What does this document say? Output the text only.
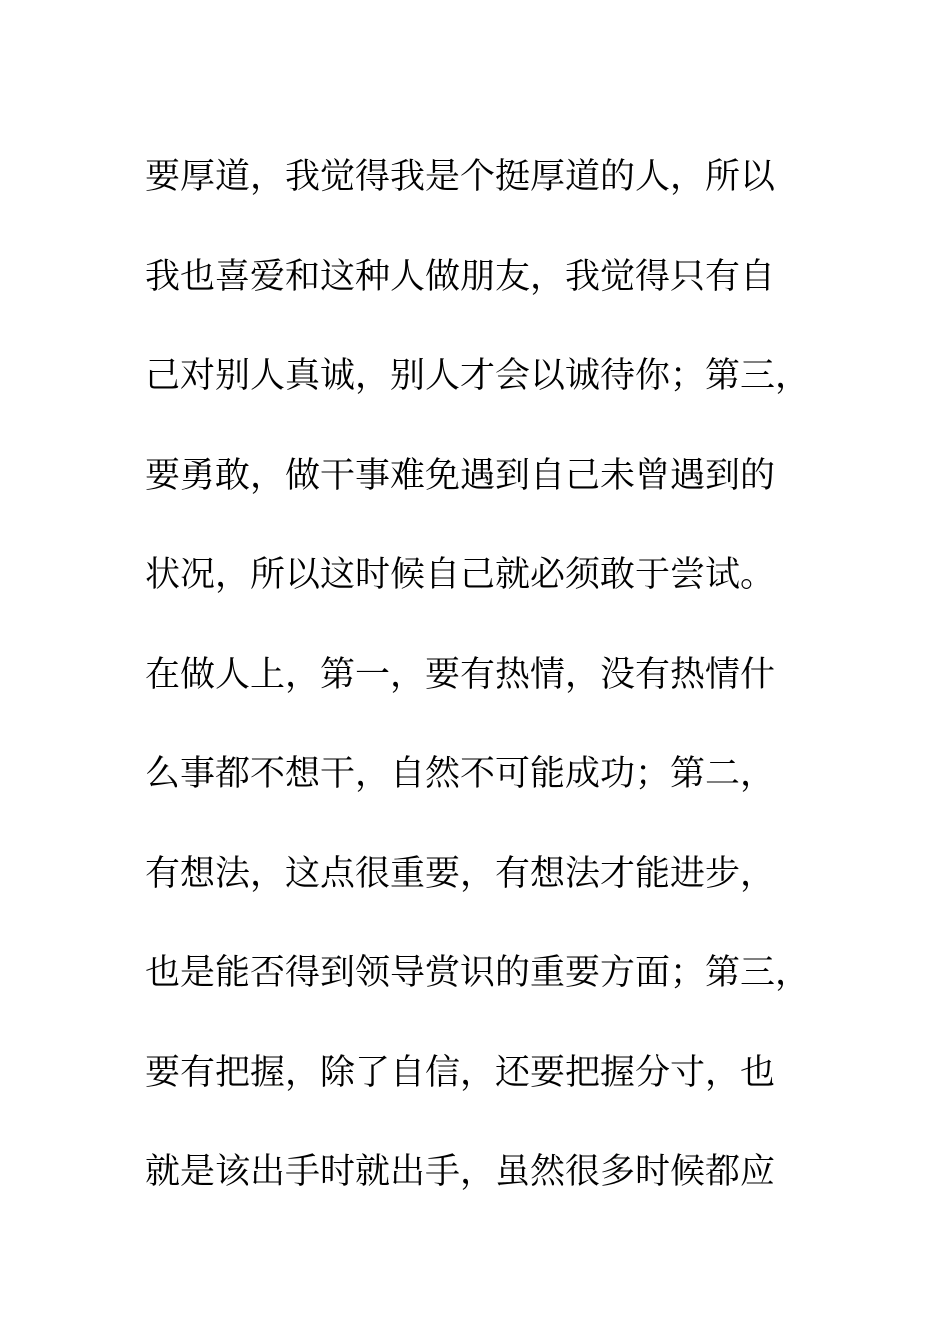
要厚道，我觉得我是个挺厚道的人，所以
我也喜爱和这种人做朋友，我觉得只有自
己对别人真诚，别人才会以诚待你；第三，
要勇敢，做干事难免遇到自己未曾遇到的
状况，所以这时候自己就必须敢于尝试。
在做人上，第一，要有热情，没有热情什
么事都不想干，自然不可能成功；第二，
有想法，这点很重要，有想法才能进步，
也是能否得到领导赏识的重要方面；第三，
要有把握，除了自信，还要把握分寸，也
就是该出手时就出手，虽然很多时候都应
